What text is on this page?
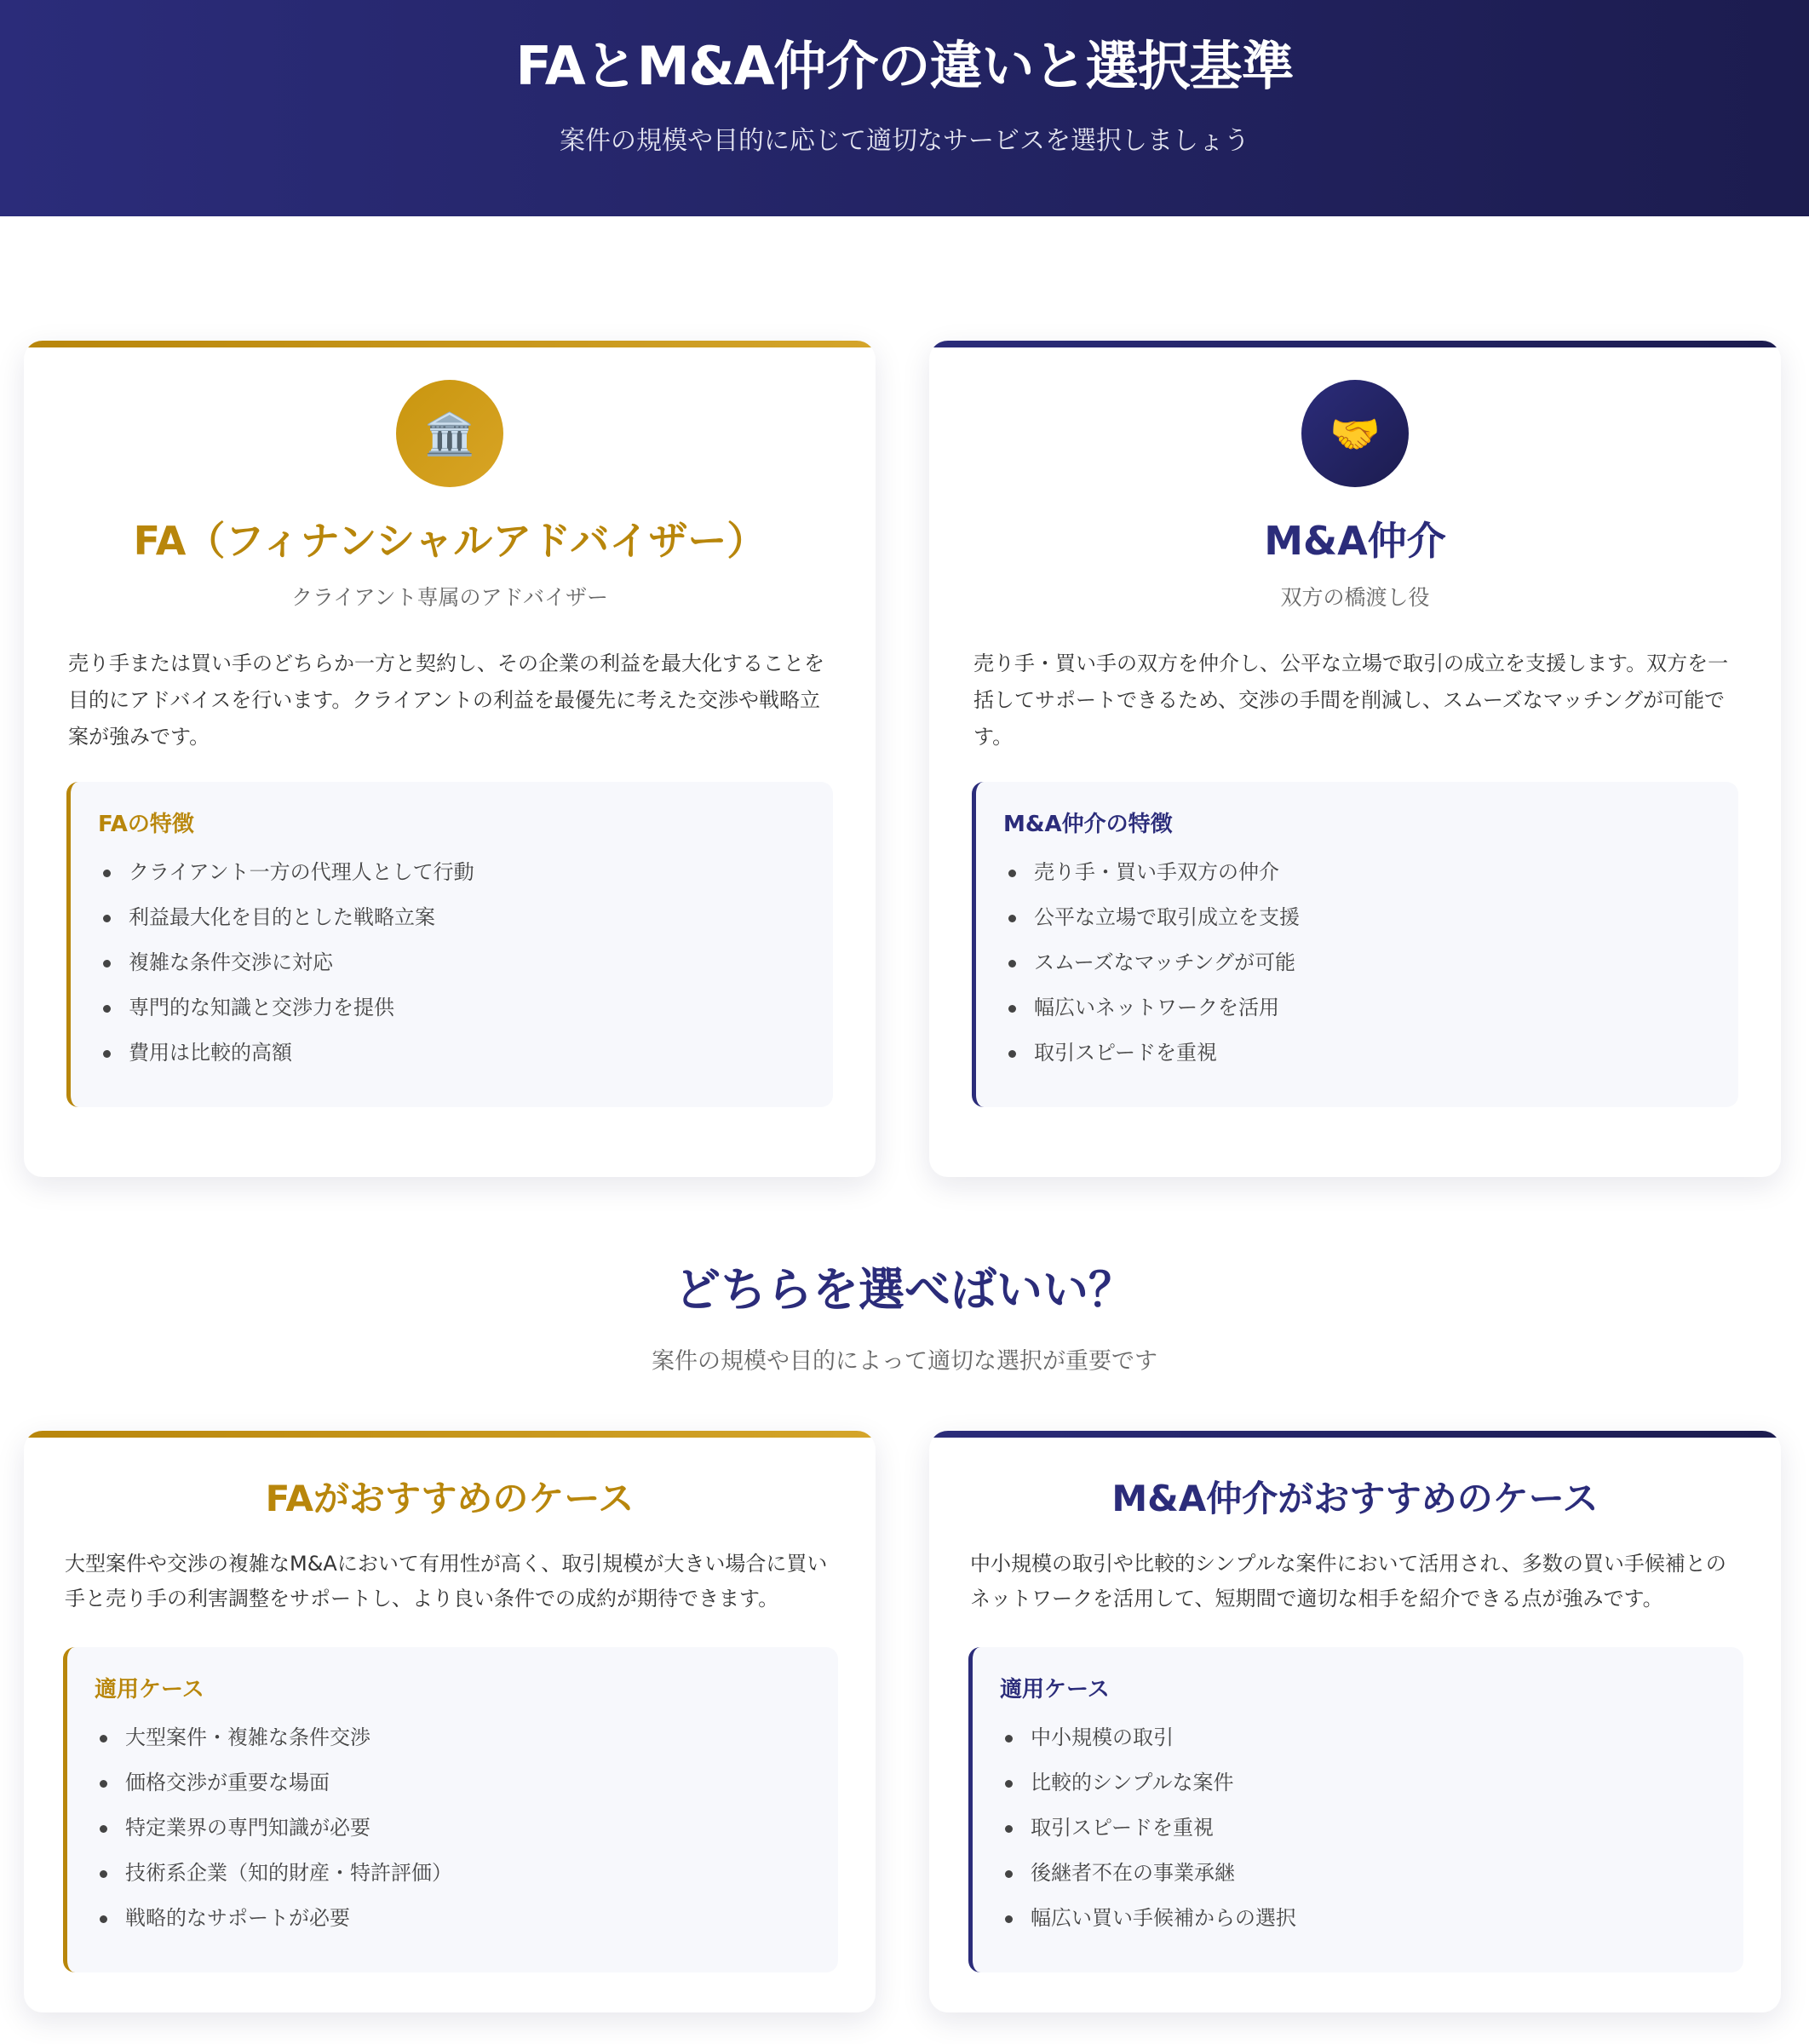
FAとM&A仲介の違いと選択基準

案件の規模や目的に応じて適切なサービスを選択しましょう

🏛️
FA（フィナンシャルアドバイザー）
クライアント専属のアドバイザー
売り手または買い手のどちらか一方と契約し、その企業の利益を最大化することを目的にアドバイスを行います。クライアントの利益を最優先に考えた交渉や戦略立案が強みです。
FAの特徴
クライアント一方の代理人として行動
利益最大化を目的とした戦略立案
複雑な条件交渉に対応
専門的な知識と交渉力を提供
費用は比較的高額
🤝
M&A仲介
双方の橋渡し役
売り手・買い手の双方を仲介し、公平な立場で取引の成立を支援します。双方を一括してサポートできるため、交渉の手間を削減し、スムーズなマッチングが可能です。
M&A仲介の特徴
売り手・買い手双方の仲介
公平な立場で取引成立を支援
スムーズなマッチングが可能
幅広いネットワークを活用
取引スピードを重視
どちらを選べばいい？
案件の規模や目的によって適切な選択が重要です
FAがおすすめのケース
大型案件や交渉の複雑なM&Aにおいて有用性が高く、取引規模が大きい場合に買い手と売り手の利害調整をサポートし、より良い条件での成約が期待できます。
適用ケース
大型案件・複雑な条件交渉
価格交渉が重要な場面
特定業界の専門知識が必要
技術系企業（知的財産・特許評価）
戦略的なサポートが必要
M&A仲介がおすすめのケース
中小規模の取引や比較的シンプルな案件において活用され、多数の買い手候補とのネットワークを活用して、短期間で適切な相手を紹介できる点が強みです。
適用ケース
中小規模の取引
比較的シンプルな案件
取引スピードを重視
後継者不在の事業承継
幅広い買い手候補からの選択
